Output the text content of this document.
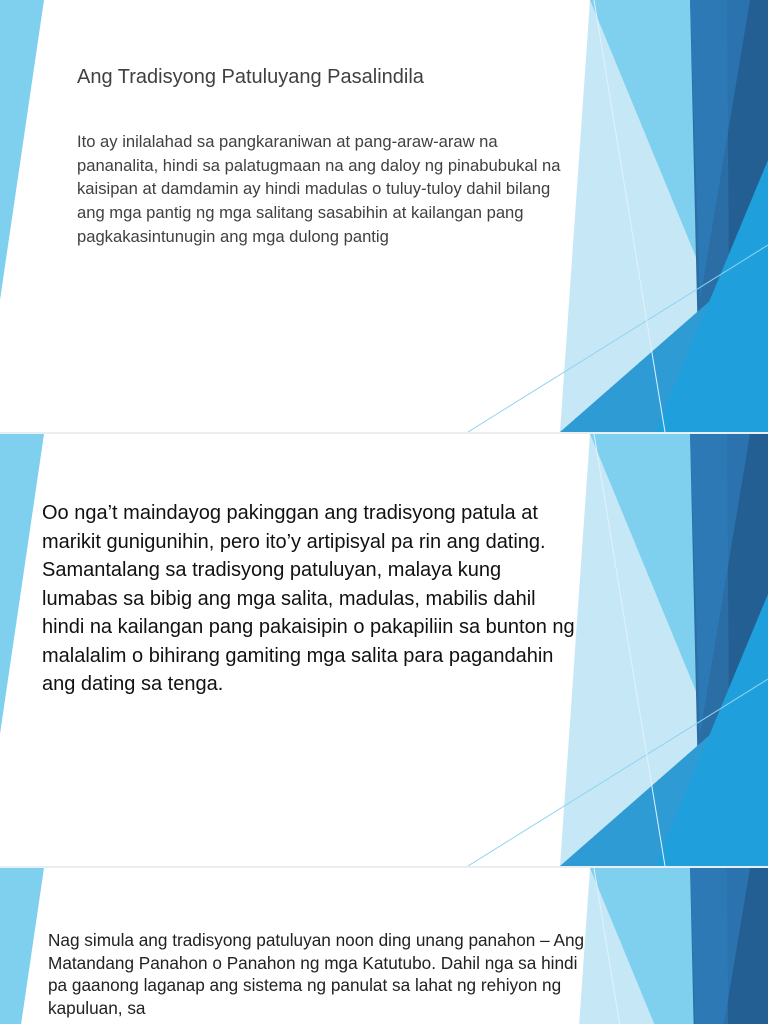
Ang Tradisyong Patuluyang Pasalindila

Ito ay inilalahad sa pangkaraniwan at pang-araw-araw na pananalita, hindi sa palatugmaan na ang daloy ng pinabubukal na kaisipan at damdamin ay hindi madulas o tuluy-tuloy dahil bilang ang mga pantig ng mga salitang sasabihin at kailangan pang pagkakasintunugin ang mga dulong pantig

Oo nga’t maindayog pakinggan ang tradisyong patula at marikit gunigunihin, pero ito’y artipisyal pa rin ang dating. Samantalang sa tradisyong patuluyan, malaya kung lumabas sa bibig ang mga salita, madulas, mabilis dahil hindi na kailangan pang pakaisipin o pakapiliin sa bunton ng malalalim o bihirang gamiting mga salita para pagandahin ang dating sa tenga.

Nag simula ang tradisyong patuluyan noon ding unang panahon – Ang Matandang Panahon o Panahon ng mga Katutubo. Dahil nga sa hindi pa gaanong laganap ang sistema ng panulat sa lahat ng rehiyon ng kapuluan, sa
